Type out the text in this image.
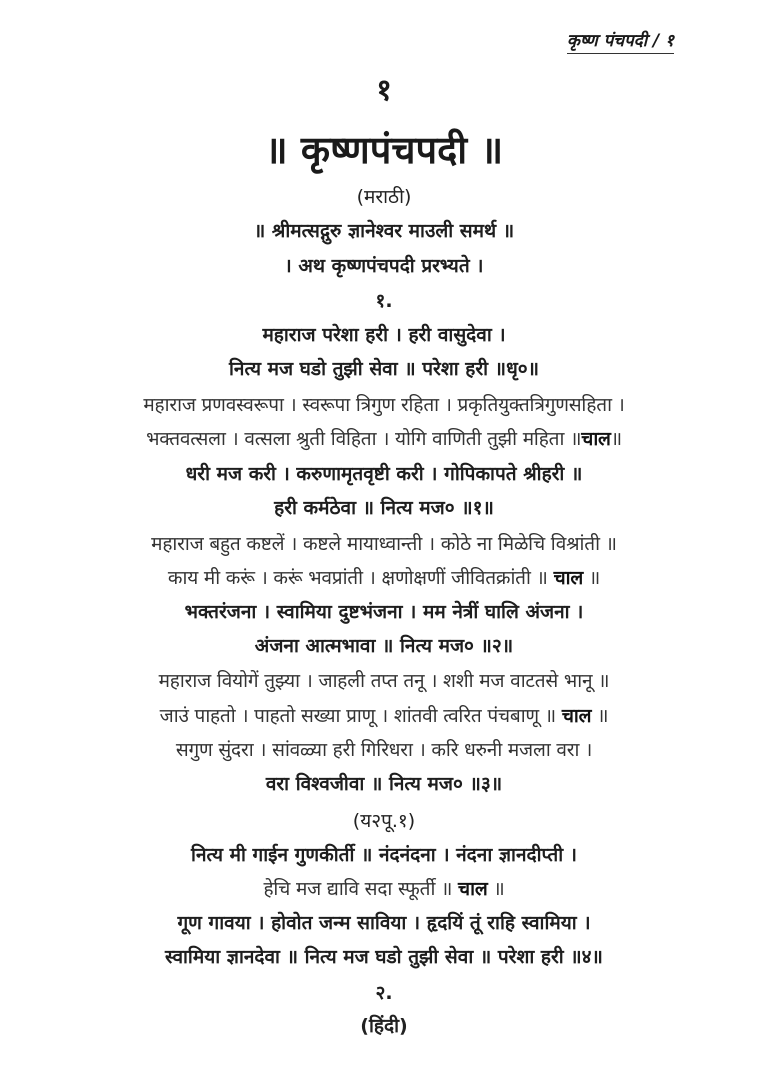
कृष्ण पंचपदी / १
१
॥ कृष्णपंचपदी ॥
(मराठी)
॥ श्रीमत्सद्गुरु ज्ञानेश्वर माउली समर्थ ॥
। अथ कृष्णपंचपदी प्ररभ्यते ।
१.
महाराज परेशा हरी । हरी वासुदेवा ।
नित्य मज घडो तुझी सेवा ॥ परेशा हरी ॥धृ०॥
महाराज प्रणवस्वरूपा । स्वरूपा त्रिगुण रहिता । प्रकृतियुक्तत्रिगुणसहिता ।
भक्तवत्सला । वत्सला श्रुती विहिता । योगि वाणिती तुझी महिता ॥चाल॥
धरी मज करी । करुणामृतवृष्टी करी । गोपिकापते श्रीहरी ॥
हरी कर्मठेवा ॥ नित्य मज० ॥१॥
महाराज बहुत कष्टलें । कष्टले मायाध्वान्ती । कोठे ना मिळेचि विश्रांती ॥
काय मी करूं । करूं भवप्रांती । क्षणोक्षणीं जीवितक्रांती ॥ चाल ॥
भक्तरंजना । स्वामिया दुष्टभंजना । मम नेत्रीं घालि अंजना ।
अंजना आत्मभावा ॥ नित्य मज० ॥२॥
महाराज वियोगें तुझ्या । जाहली तप्त तनू । शशी मज वाटतसे भानू ॥
जाउं पाहतो । पाहतो सख्या प्राणू । शांतवी त्वरित पंचबाणू ॥ चाल ॥
सगुण सुंदरा । सांवळ्या हरी गिरिधरा । करि धरुनी मजला वरा ।
वरा विश्वजीवा ॥ नित्य मज० ॥३॥
(य२पू.१)
नित्य मी गाईन गुणकीर्ती ॥ नंदनंदना । नंदना ज्ञानदीप्ती ।
हेचि मज द्यावि सदा स्फूर्ती ॥ चाल ॥
गूण गावया । होवोत जन्म साविया । हृदयिं तूं राहि स्वामिया ।
स्वामिया ज्ञानदेवा ॥ नित्य मज घडो तुझी सेवा ॥ परेशा हरी ॥४॥
२.
(हिंदी)
